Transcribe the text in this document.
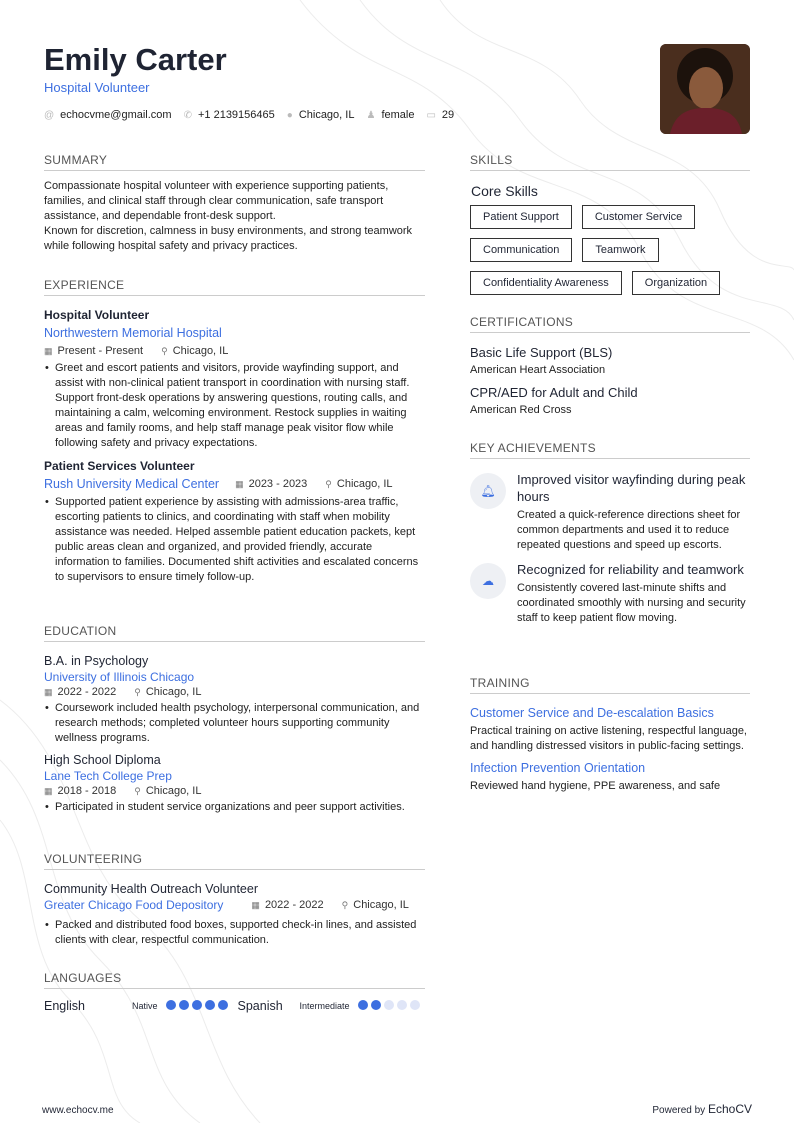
Emily Carter
Hospital Volunteer
@ echocvme@gmail.com ✆ +1 2139156465 ● Chicago, IL ♟ female ▭ 29
SUMMARY

Compassionate hospital volunteer with experience supporting patients, families, and clinical staff through clear communication, safe transport assistance, and dependable front-desk support.

Known for discretion, calmness in busy environments, and strong teamwork while following hospital safety and privacy practices.

EXPERIENCE
Hospital Volunteer
Northwestern Memorial Hospital
▦ Present - Present ⚲ Chicago, IL
• Greet and escort patients and visitors, provide wayfinding support, and assist with non-clinical patient transport in coordination with nursing staff. Support front-desk operations by answering questions, routing calls, and maintaining a calm, welcoming environment. Restock supplies in waiting areas and family rooms, and help staff manage peak visitor flow while following safety and privacy expectations.
Patient Services Volunteer
Rush University Medical Center ▦ 2023 - 2023 ⚲ Chicago, IL
• Supported patient experience by assisting with admissions-area traffic, escorting patients to clinics, and coordinating with staff when mobility assistance was needed. Helped assemble patient education packets, kept public areas clean and organized, and provided friendly, accurate information to families. Documented shift activities and escalated concerns to supervisors to ensure timely follow-up.
EDUCATION
B.A. in Psychology
University of Illinois Chicago
▦ 2022 - 2022 ⚲ Chicago, IL
• Coursework included health psychology, interpersonal communication, and research methods; completed volunteer hours supporting community wellness programs.
High School Diploma
Lane Tech College Prep
▦ 2018 - 2018 ⚲ Chicago, IL
• Participated in student service organizations and peer support activities.
VOLUNTEERING
Community Health Outreach Volunteer
Greater Chicago Food Depository	▦ 2022 - 2022 ⚲ Chicago, IL
• Packed and distributed food boxes, supported check-in lines, and assisted clients with clear, respectful communication.
LANGUAGES
English	Native	Spanish	Intermediate
SKILLS
Core Skills
Patient Support	Customer Service
Communication	Teamwork
Confidentiality Awareness	Organization
CERTIFICATIONS
Basic Life Support (BLS)
American Heart Association
CPR/AED for Adult and Child
American Red Cross
KEY ACHIEVEMENTS
🔔︎
Improved visitor wayfinding during peak hours

Created a quick-reference directions sheet for common departments and used it to reduce repeated questions and speed up escorts.

☁
Recognized for reliability and teamwork

Consistently covered last-minute shifts and coordinated smoothly with nursing and security staff to keep patient flow moving.

TRAINING
Customer Service and De-escalation Basics

Practical training on active listening, respectful language, and handling distressed visitors in public-facing settings.

Infection Prevention Orientation

Reviewed hand hygiene, PPE awareness, and safe

www.echocv.me	Powered by EchoCV
